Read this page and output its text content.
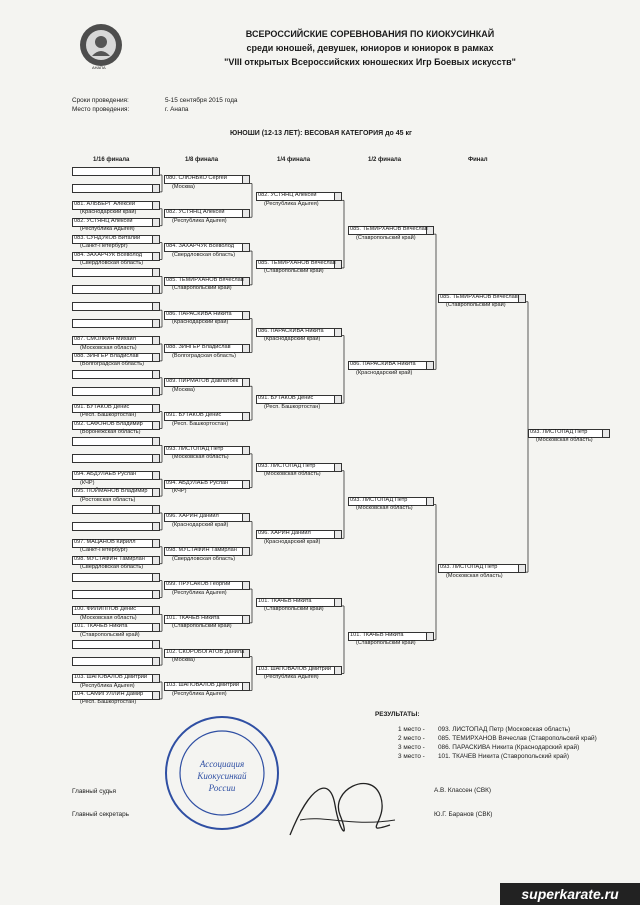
АНАПА
ВСЕРОССИЙСКИЕ СОРЕВНОВАНИЯ ПО КИОКУСИНКАЙ
среди юношей, девушек, юниоров и юниорок в рамках
"VIII открытых Всероссийских юношеских Игр Боевых искусств"
Сроки проведения:	5-15 сентября 2015 года
Место проведения:	г. Анапа
ЮНОШИ (12-13 ЛЕТ): ВЕСОВАЯ КАТЕГОРИЯ до 45 кг
1/16 финала	1/8 финала	1/4 финала	1/2 финала	Финал
081. АЛЬБЕРГ Алексей
(Краснодарский край)
082. УСТЯНЦ Алексей
(Республика Адыгея)
083. СУНДУКОВ Виталий
(Санкт-Петербург)
084. ЗАХАРЧУК Всеволод
(Свердловская область)
087. СМОЛКИН Михаил
(Московская область)
088. ЗИНГЕР Владислав
(Волгоградская область)
091. БУТАКОВ Денис
(Респ. Башкортостан)
092. САФОНОВ Владимир
(Воронежская область)
094. АБДУЛАЕВ Руслан
(КЧР)
095. ПОЙМАНОВ Владимир
(Ростовская область)
097. МАЦАНОВ Кирилл
(Санкт-Петербург)
098. МУСТАФИН Тамирлан
(Свердловская область)
100. ФИЛИППОВ Денис
(Московская область)
101. ТКАЧЕВ Никита
(Ставропольский край)
103. ШАПОВАЛОВ Дмитрий
(Республика Адыгея)
104. САМИГУЛЛИН Дамир
(Респ. Башкортостан)
080. СЛЮНЬКО Сергей
(Москва)
082. УСТЯНЦ Алексей
(Республика Адыгея)
084. ЗАХАРЧУК Всеволод
(Свердловская область)
085. ТЕМИРХАНОВ Вячеслав
(Ставропольский край)
086. ПАРАСКИВА Никита
(Краснодарский край)
088. ЗИНГЕР Владислав
(Волгоградская область)
089. ПИРМАТОВ Давлатбек
(Москва)
091. БУТАКОВ Денис
(Респ. Башкортостан)
093. ЛИСТОПАД Петр
(Московская область)
094. АБДУЛАЕВ Руслан
(КЧР)
096. ХАРИН Даниил
(Краснодарский край)
098. МУСТАФИН Тамирлан
(Свердловская область)
099. ПРУСАКОВ Георгий
(Республика Адыгея)
101. ТКАЧЕВ Никита
(Ставропольский край)
102. СКОРОБОГАТОВ Данила
(Москва)
103. ШАПОВАЛОВ Дмитрий
(Республика Адыгея)
082. УСТЯНЦ Алексей
(Республика Адыгея)
085. ТЕМИРХАНОВ Вячеслав
(Ставропольский край)
086. ПАРАСКИВА Никита
(Краснодарский край)
091. БУТАКОВ Денис
(Респ. Башкортостан)
093. ЛИСТОПАД Петр
(Московская область)
096. ХАРИН Даниил
(Краснодарский край)
101. ТКАЧЕВ Никита
(Ставропольский край)
103. ШАПОВАЛОВ Дмитрий
(Республика Адыгея)
085. ТЕМИРХАНОВ Вячеслав
(Ставропольский край)
086. ПАРАСКИВА Никита
(Краснодарский край)
093. ЛИСТОПАД Петр
(Московская область)
101. ТКАЧЕВ Никита
(Ставропольский край)
085. ТЕМИРХАНОВ Вячеслав
(Ставропольский край)
093. ЛИСТОПАД Петр
(Московская область)
093. ЛИСТОПАД Петр
(Московская область)
РЕЗУЛЬТАТЫ:
1 место - 093. ЛИСТОПАД Петр (Московская область)
2 место - 085. ТЕМИРХАНОВ Вячеслав (Ставропольский край)
3 место - 086. ПАРАСКИВА Никита (Краснодарский край)
3 место - 101. ТКАЧЕВ Никита (Ставропольский край)
Ассоциация
Киокусинкай
России
Главный судья	А.В. Классен (СВК)
Главный секретарь	Ю.Г. Баранов (СВК)
superkarate.ru
